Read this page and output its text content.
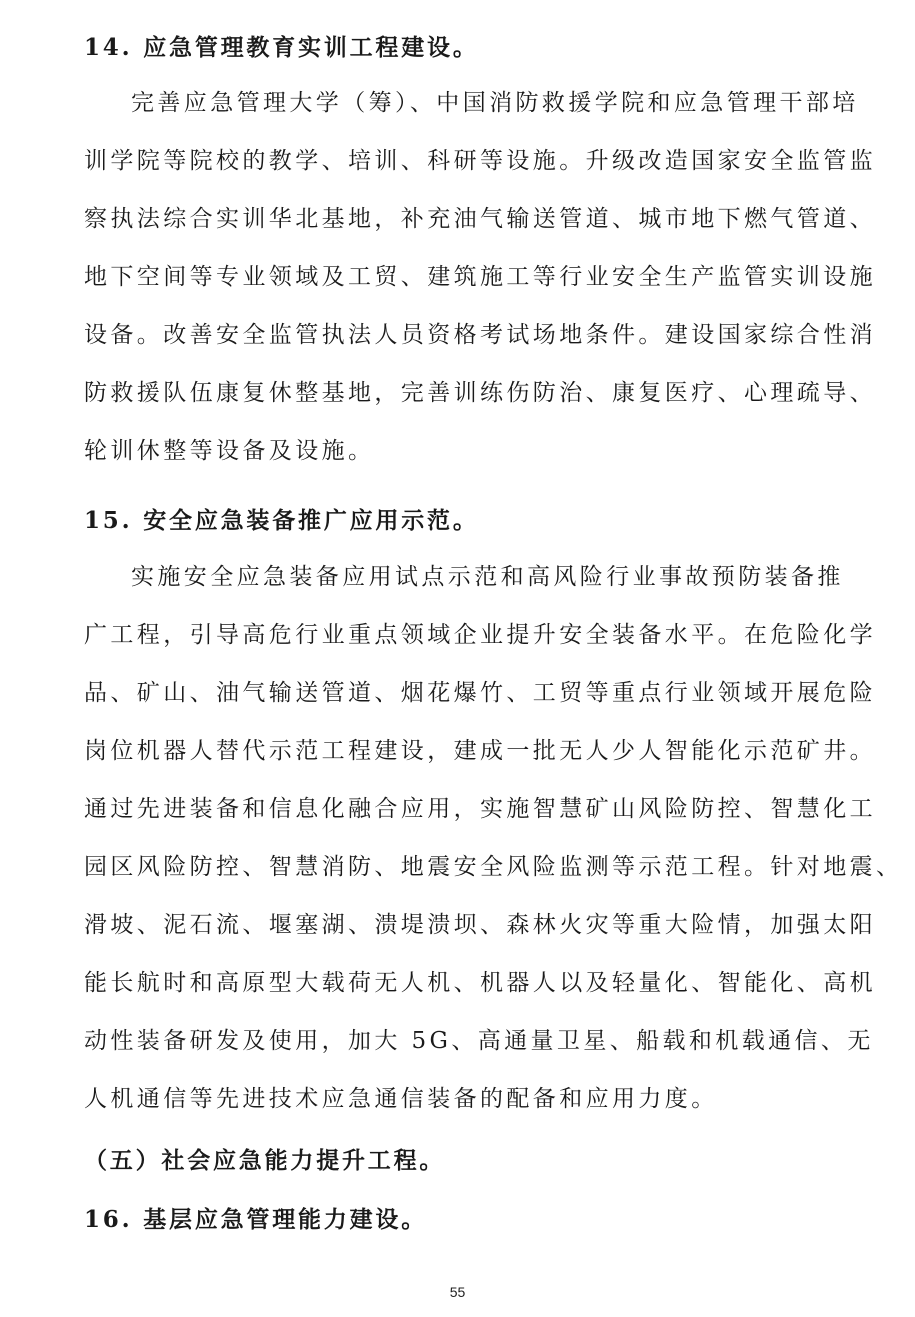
14. 应急管理教育实训工程建设。
完善应急管理大学（筹）、中国消防救援学院和应急管理干部培
训学院等院校的教学、培训、科研等设施。升级改造国家安全监管监
察执法综合实训华北基地，补充油气输送管道、城市地下燃气管道、
地下空间等专业领域及工贸、建筑施工等行业安全生产监管实训设施
设备。改善安全监管执法人员资格考试场地条件。建设国家综合性消
防救援队伍康复休整基地，完善训练伤防治、康复医疗、心理疏导、
轮训休整等设备及设施。
15. 安全应急装备推广应用示范。
实施安全应急装备应用试点示范和高风险行业事故预防装备推
广工程，引导高危行业重点领域企业提升安全装备水平。在危险化学
品、矿山、油气输送管道、烟花爆竹、工贸等重点行业领域开展危险
岗位机器人替代示范工程建设，建成一批无人少人智能化示范矿井。
通过先进装备和信息化融合应用，实施智慧矿山风险防控、智慧化工
园区风险防控、智慧消防、地震安全风险监测等示范工程。针对地震、
滑坡、泥石流、堰塞湖、溃堤溃坝、森林火灾等重大险情，加强太阳
能长航时和高原型大载荷无人机、机器人以及轻量化、智能化、高机
动性装备研发及使用，加大 5G、高通量卫星、船载和机载通信、无
人机通信等先进技术应急通信装备的配备和应用力度。
（五）社会应急能力提升工程。
16. 基层应急管理能力建设。
55
